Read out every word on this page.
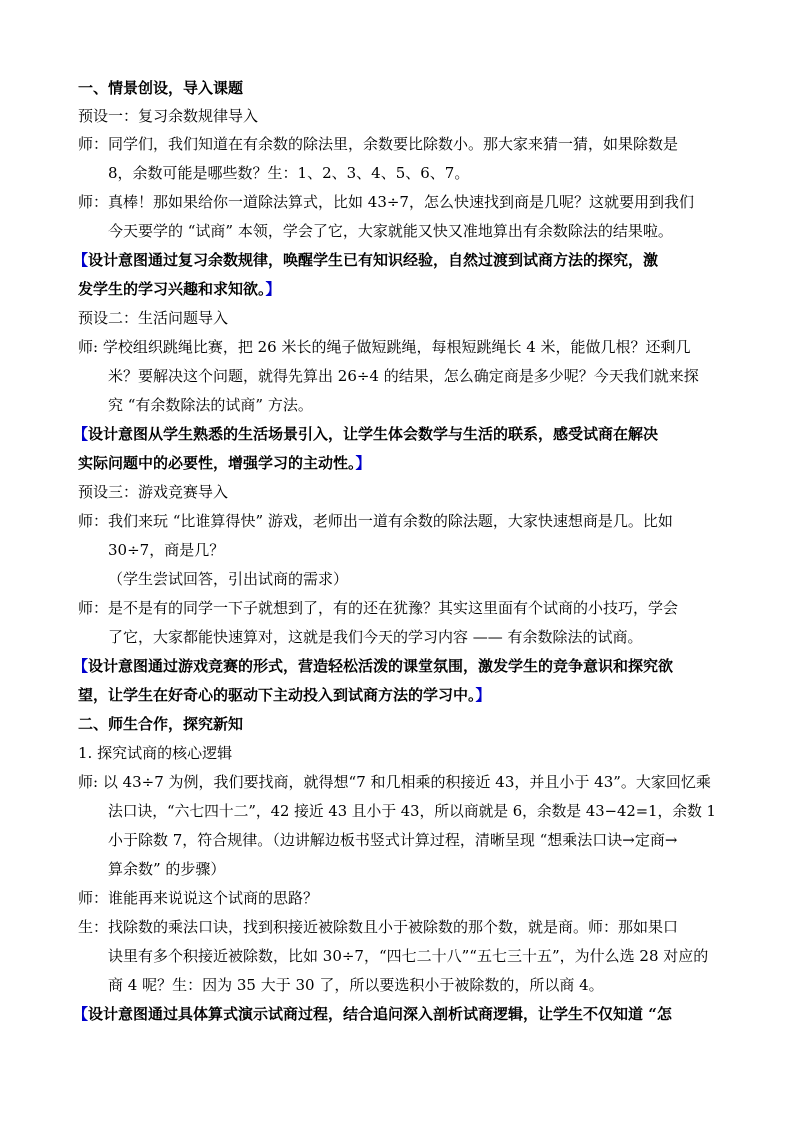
一、情景创设，导入课题
预设一：复习余数规律导入
师：同学们，我们知道在有余数的除法里，余数要比除数小。那大家来猜一猜，如果除数是
8，余数可能是哪些数？生：1、2、3、4、5、6、7。
师：真棒！那如果给你一道除法算式，比如 43÷7，怎么快速找到商是几呢？这就要用到我们
今天要学的 “试商” 本领，学会了它，大家就能又快又准地算出有余数除法的结果啦。
【设计意图通过复习余数规律，唤醒学生已有知识经验，自然过渡到试商方法的探究，激
发学生的学习兴趣和求知欲。】
预设二：生活问题导入
师: 学校组织跳绳比赛，把 26 米长的绳子做短跳绳，每根短跳绳长 4 米，能做几根？还剩几
米？要解决这个问题，就得先算出 26÷4 的结果，怎么确定商是多少呢？今天我们就来探
究 “有余数除法的试商” 方法。
【设计意图从学生熟悉的生活场景引入，让学生体会数学与生活的联系，感受试商在解决
实际问题中的必要性，增强学习的主动性。】
预设三：游戏竞赛导入
师：我们来玩 “比谁算得快” 游戏，老师出一道有余数的除法题，大家快速想商是几。比如
30÷7，商是几？
（学生尝试回答，引出试商的需求）
师：是不是有的同学一下子就想到了，有的还在犹豫？其实这里面有个试商的小技巧，学会
了它，大家都能快速算对，这就是我们今天的学习内容 —— 有余数除法的试商。
【设计意图通过游戏竞赛的形式，营造轻松活泼的课堂氛围，激发学生的竞争意识和探究欲
望，让学生在好奇心的驱动下主动投入到试商方法的学习中。】
二、师生合作，探究新知
1. 探究试商的核心逻辑
师: 以 43÷7 为例，我们要找商，就得想“7 和几相乘的积接近 43，并且小于 43”。大家回忆乘
法口诀，“六七四十二”，42 接近 43 且小于 43，所以商就是 6，余数是 43−42=1，余数 1
小于除数 7，符合规律。（边讲解边板书竖式计算过程，清晰呈现 “想乘法口诀→定商→
算余数” 的步骤）
师：谁能再来说说这个试商的思路？
生：找除数的乘法口诀，找到积接近被除数且小于被除数的那个数，就是商。师：那如果口
诀里有多个积接近被除数，比如 30÷7，“四七二十八”“五七三十五”，为什么选 28 对应的
商 4 呢？生：因为 35 大于 30 了，所以要选积小于被除数的，所以商 4。
【设计意图通过具体算式演示试商过程，结合追问深入剖析试商逻辑，让学生不仅知道 “怎
